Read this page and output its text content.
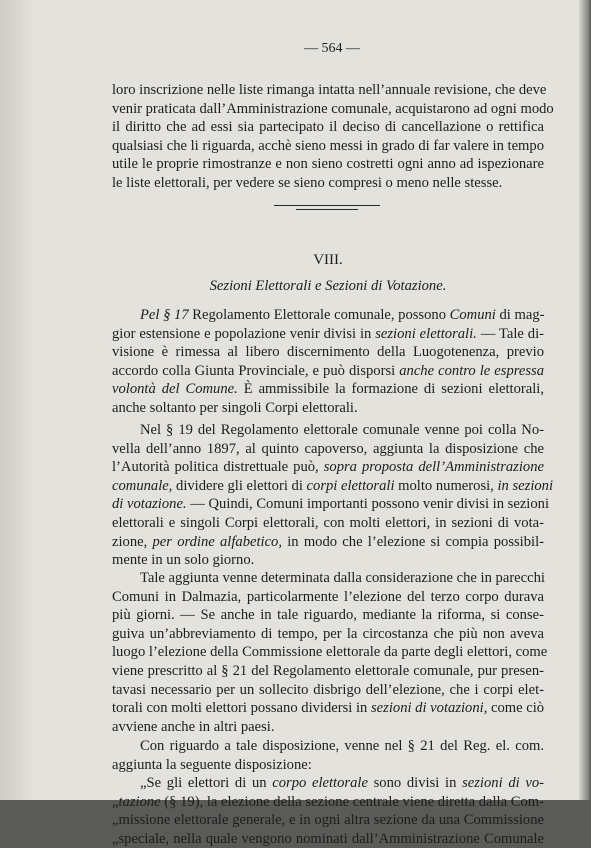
— 564 —
loro inscrizione nelle liste rimanga intatta nell’annuale revisione, che deve
venir praticata dall’Amministrazione comunale, acquistarono ad ogni modo
il diritto che ad essi sia partecipato il deciso di cancellazione o rettifica
qualsiasi che li riguarda, acchè sieno messi in grado di far valere in tempo
utile le proprie rimostranze e non sieno costretti ogni anno ad ispezionare
le liste elettorali, per vedere se sieno compresi o meno nelle stesse.
VIII.
Sezioni Elettorali e Sezioni di Votazione.
Pel § 17 Regolamento Elettorale comunale, possono Comuni di mag-
gior estensione e popolazione venir divisi in sezioni elettorali. — Tale di-
visione è rimessa al libero discernimento della Luogotenenza, previo
accordo colla Giunta Provinciale, e può disporsi anche contro le espressa
volontà del Comune. È ammissibile la formazione di sezioni elettorali,
anche soltanto per singoli Corpi elettorali.
Nel § 19 del Regolamento elettorale comunale venne poi colla No-
vella dell’anno 1897, al quinto capoverso, aggiunta la disposizione che
l’Autorità politica distrettuale può, sopra proposta dell’Amministrazione
comunale, dividere gli elettori di corpi elettorali molto numerosi, in sezioni
di votazione. — Quindi, Comuni importanti possono venir divisi in sezioni
elettorali e singoli Corpi elettorali, con molti elettori, in sezioni di vota-
zione, per ordine alfabetico, in modo che l’elezione si compia possibil-
mente in un solo giorno.
Tale aggiunta venne determinata dalla considerazione che in parecchi
Comuni in Dalmazia, particolarmente l’elezione del terzo corpo durava
più giorni. — Se anche in tale riguardo, mediante la riforma, si conse-
guiva un’abbreviamento di tempo, per la circostanza che più non aveva
luogo l’elezione della Commissione elettorale da parte degli elettori, come
viene prescritto al § 21 del Regolamento elettorale comunale, pur presen-
tavasi necessario per un sollecito disbrigo dell’elezione, che i corpi elet-
torali con molti elettori possano dividersi in sezioni di votazioni, come ciò
avviene anche in altri paesi.
Con riguardo a tale disposizione, venne nel § 21 del Reg. el. com.
aggiunta la seguente disposizione:
„Se gli elettori di un corpo elettorale sono divisi in sezioni di vo-
„tazione (§ 19), la elezione della sezione centrale viene diretta dalla Com-
„missione elettorale generale, e in ogni altra sezione da una Commissione
„speciale, nella quale vengono nominati dall’Amministrazione Comunale
